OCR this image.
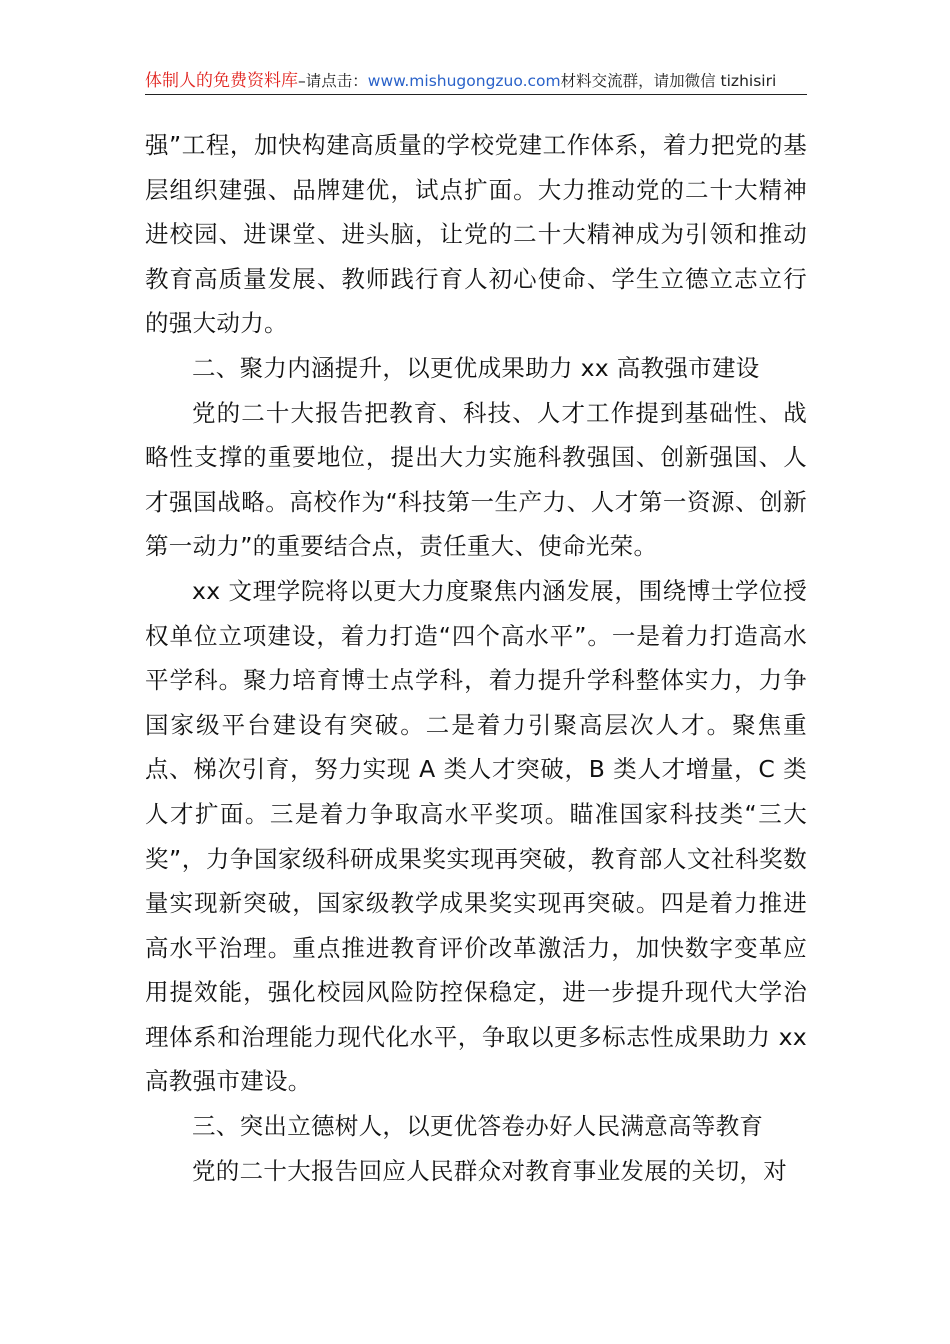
体制人的免费资料库–请点击：www.mishugongzuo.com材料交流群，请加微信 tizhisiri

强”工程，加快构建高质量的学校党建工作体系，着力把党的基层组织建强、品牌建优，试点扩面。大力推动党的二十大精神进校园、进课堂、进头脑，让党的二十大精神成为引领和推动教育高质量发展、教师践行育人初心使命、学生立德立志立行的强大动力。

二、聚力内涵提升，以更优成果助力 xx 高教强市建设

党的二十大报告把教育、科技、人才工作提到基础性、战略性支撑的重要地位，提出大力实施科教强国、创新强国、人才强国战略。高校作为“科技第一生产力、人才第一资源、创新第一动力”的重要结合点，责任重大、使命光荣。

xx 文理学院将以更大力度聚焦内涵发展，围绕博士学位授权单位立项建设，着力打造“四个高水平”。一是着力打造高水平学科。聚力培育博士点学科，着力提升学科整体实力，力争国家级平台建设有突破。二是着力引聚高层次人才。聚焦重点、梯次引育，努力实现 A 类人才突破，B 类人才增量，C 类人才扩面。三是着力争取高水平奖项。瞄准国家科技类“三大奖”，力争国家级科研成果奖实现再突破，教育部人文社科奖数量实现新突破，国家级教学成果奖实现再突破。四是着力推进高水平治理。重点推进教育评价改革激活力，加快数字变革应用提效能，强化校园风险防控保稳定，进一步提升现代大学治理体系和治理能力现代化水平，争取以更多标志性成果助力 xx 高教强市建设。

三、突出立德树人，以更优答卷办好人民满意高等教育

党的二十大报告回应人民群众对教育事业发展的关切，对
